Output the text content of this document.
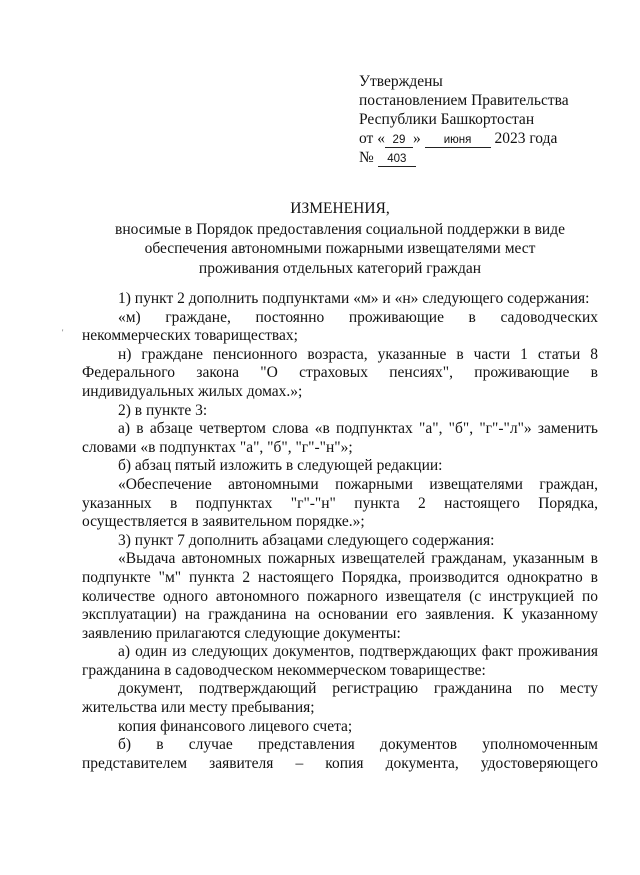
Утверждены
постановлением Правительства
Республики Башкортостан
от « 29 » июня 2023 года
№ 403
ИЗМЕНЕНИЯ,
вносимые в Порядок предоставления социальной поддержки в виде
обеспечения автономными пожарными извещателями мест
проживания отдельных категорий граждан
'

1) пункт 2 дополнить подпунктами «м» и «н» следующего содержания:

«м) граждане, постоянно проживающие в садоводческих некоммерческих товариществах;

н) граждане пенсионного возраста, указанные в части 1 статьи 8 Федерального закона "О страховых пенсиях", проживающие в индивидуальных жилых домах.»;

2) в пункте 3:

а) в абзаце четвертом слова «в подпунктах "а", "б", "г"-"л"» заменить словами «в подпунктах "а", "б", "г"-"н"»;

б) абзац пятый изложить в следующей редакции:

«Обеспечение автономными пожарными извещателями граждан, указанных в подпунктах "г"-"н" пункта 2 настоящего Порядка, осуществляется в заявительном порядке.»;

3) пункт 7 дополнить абзацами следующего содержания:

«Выдача автономных пожарных извещателей гражданам, указанным в подпункте "м" пункта 2 настоящего Порядка, производится однократно в количестве одного автономного пожарного извещателя (с инструкцией по эксплуатации) на гражданина на основании его заявления. К указанному заявлению прилагаются следующие документы:

а) один из следующих документов, подтверждающих факт проживания гражданина в садоводческом некоммерческом товариществе:

документ, подтверждающий регистрацию гражданина по месту жительства или месту пребывания;

копия финансового лицевого счета;

б) в случае представления документов уполномоченным представителем заявителя – копия документа, удостоверяющего
